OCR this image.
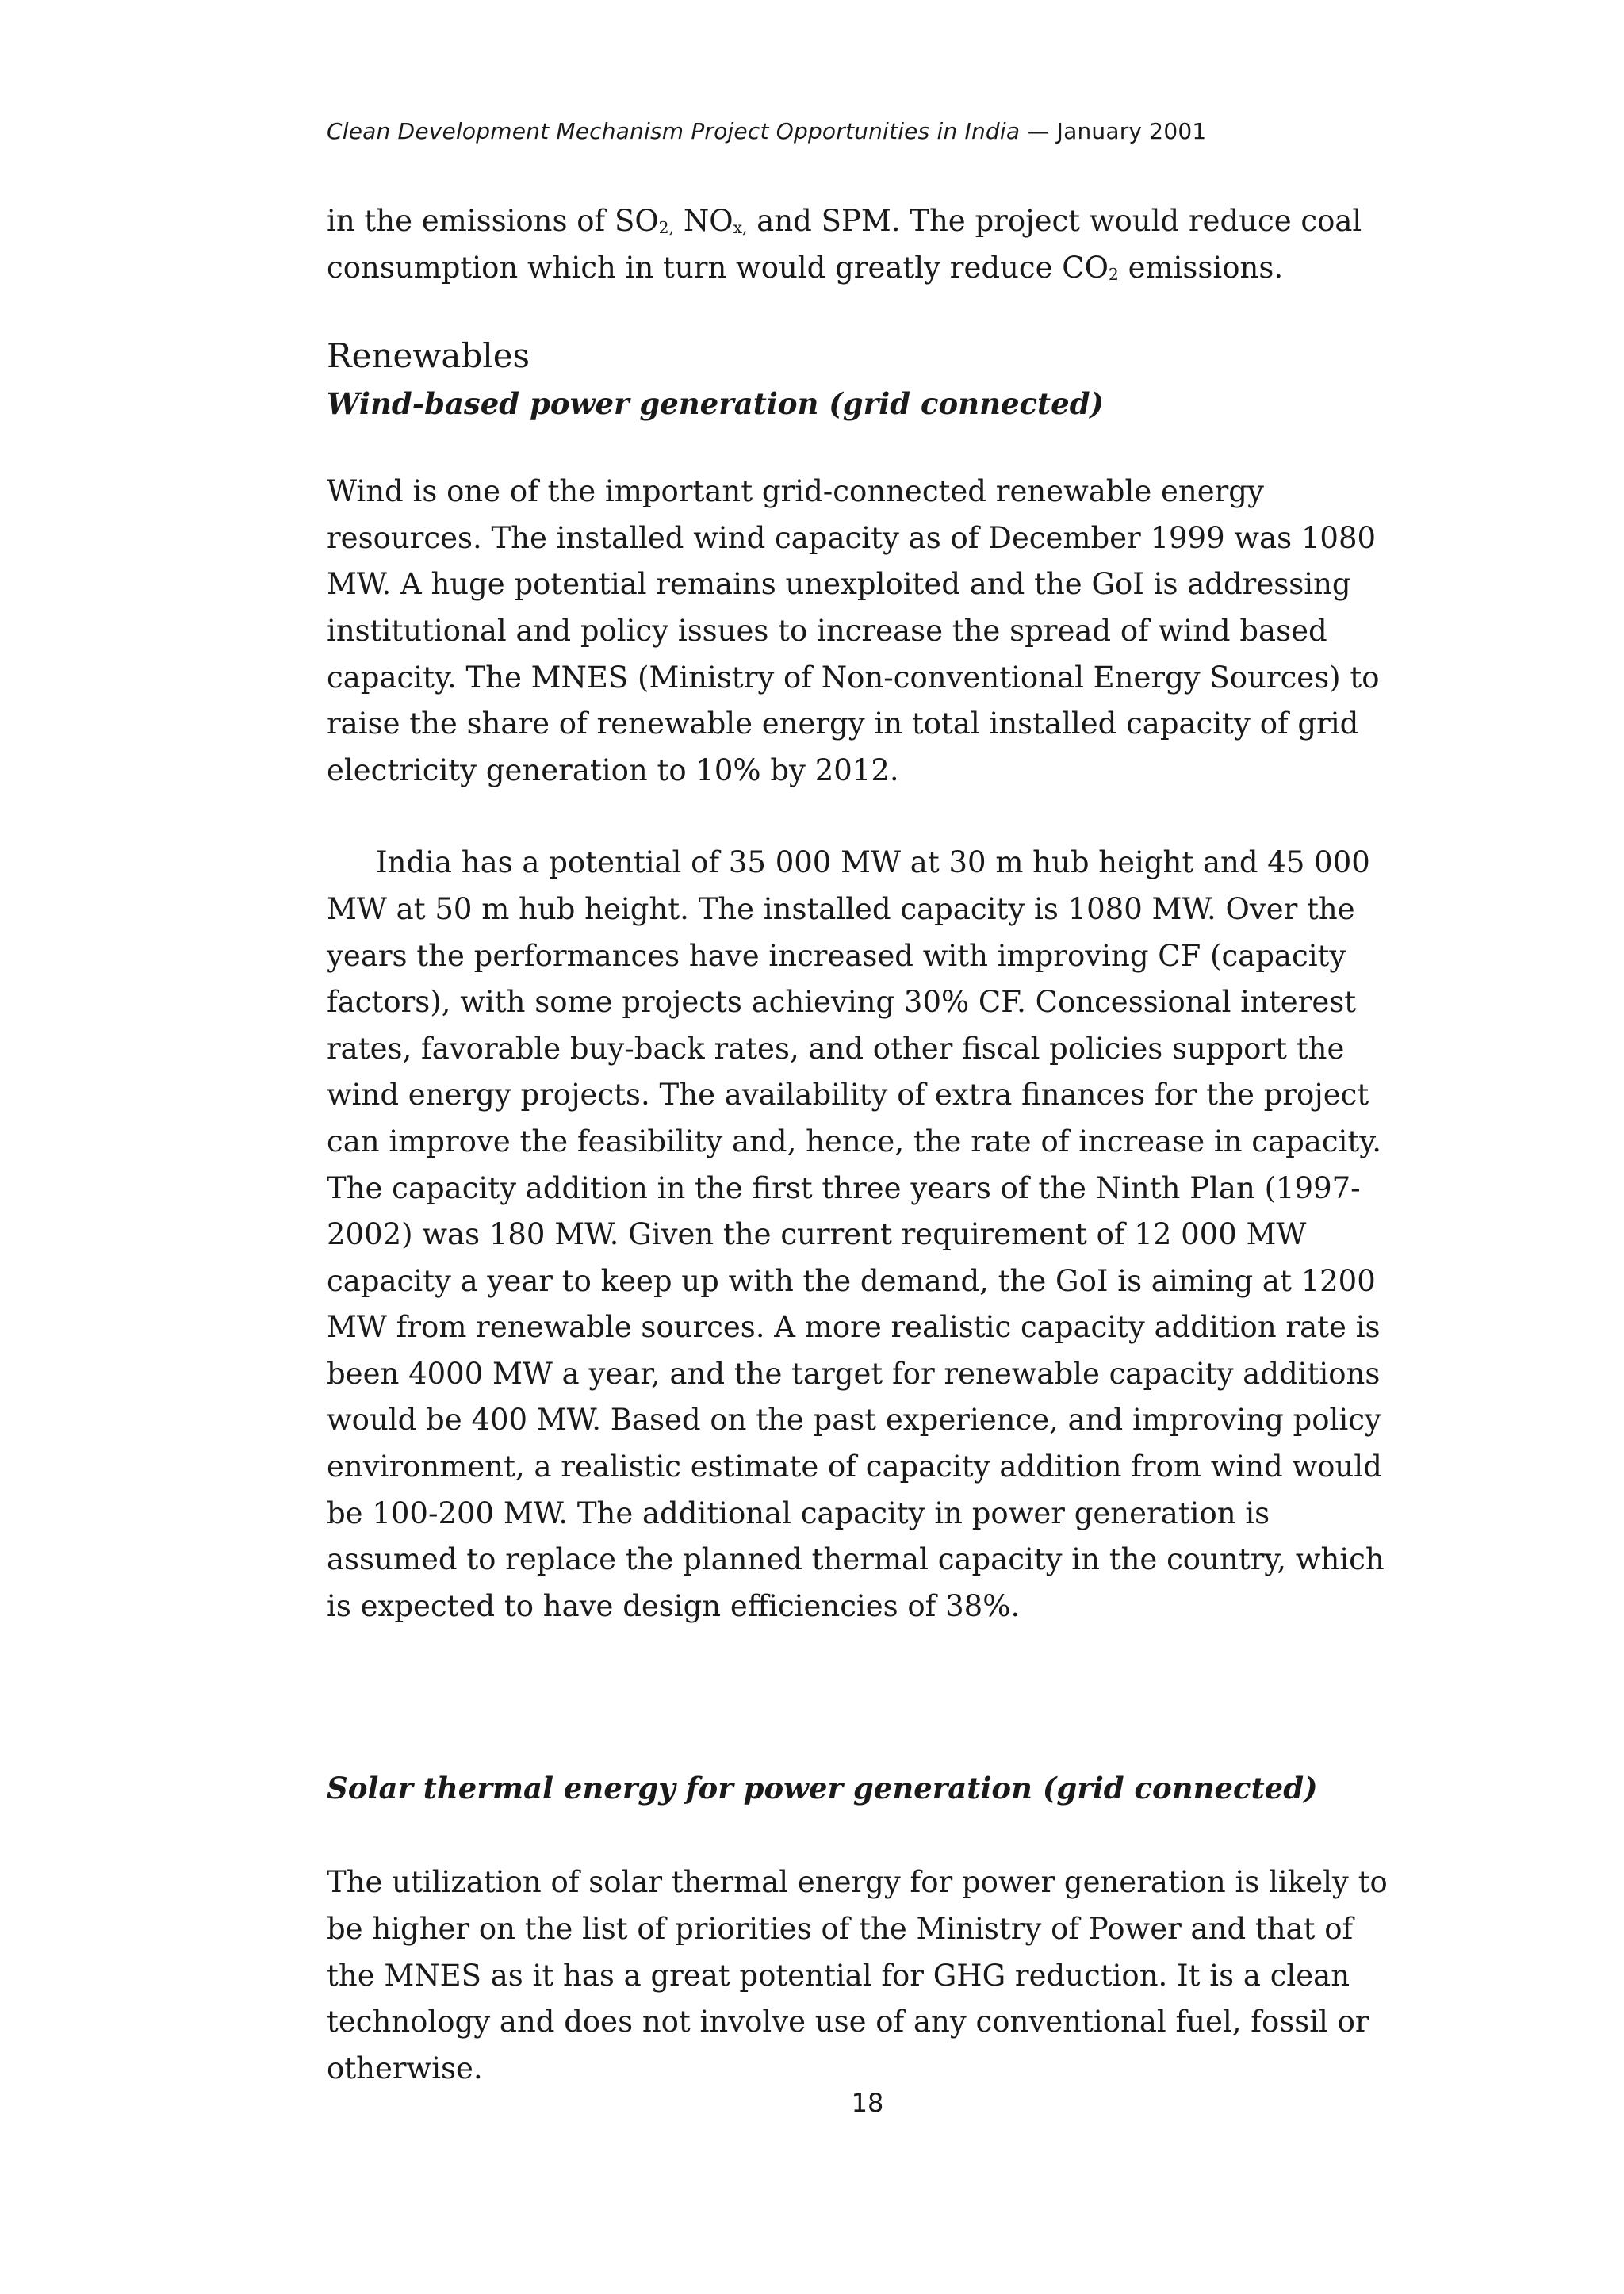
Clean Development Mechanism Project Opportunities in India — January 2001

in the emissions of $SO_{2,}$ $NO_{x,}$ and SPM. The project would reduce coal consumption which in turn would greatly reduce $CO_2$ emissions.

Renewables

Wind-based power generation (grid connected)

Wind is one of the important grid-connected renewable energy resources. The installed wind capacity as of December 1999 was 1080 MW. A huge potential remains unexploited and the GoI is addressing institutional and policy issues to increase the spread of wind based capacity. The MNES (Ministry of Non-conventional Energy Sources) to raise the share of renewable energy in total installed capacity of grid electricity generation to 10% by 2012.

India has a potential of 35 000 MW at 30 m hub height and 45 000 MW at 50 m hub height. The installed capacity is 1080 MW. Over the years the performances have increased with improving CF (capacity factors), with some projects achieving 30% CF. Concessional interest rates, favorable buy-back rates, and other fiscal policies support the wind energy projects. The availability of extra finances for the project can improve the feasibility and, hence, the rate of increase in capacity. The capacity addition in the first three years of the Ninth Plan (1997-2002) was 180 MW. Given the current requirement of 12 000 MW capacity a year to keep up with the demand, the GoI is aiming at 1200 MW from renewable sources. A more realistic capacity addition rate is been 4000 MW a year, and the target for renewable capacity additions would be 400 MW. Based on the past experience, and improving policy environment, a realistic estimate of capacity addition from wind would be 100-200 MW. The additional capacity in power generation is assumed to replace the planned thermal capacity in the country, which is expected to have design efficiencies of 38%.

Solar thermal energy for power generation (grid connected)

The utilization of solar thermal energy for power generation is likely to be higher on the list of priorities of the Ministry of Power and that of the MNES as it has a great potential for GHG reduction. It is a clean technology and does not involve use of any conventional fuel, fossil or otherwise.

18
